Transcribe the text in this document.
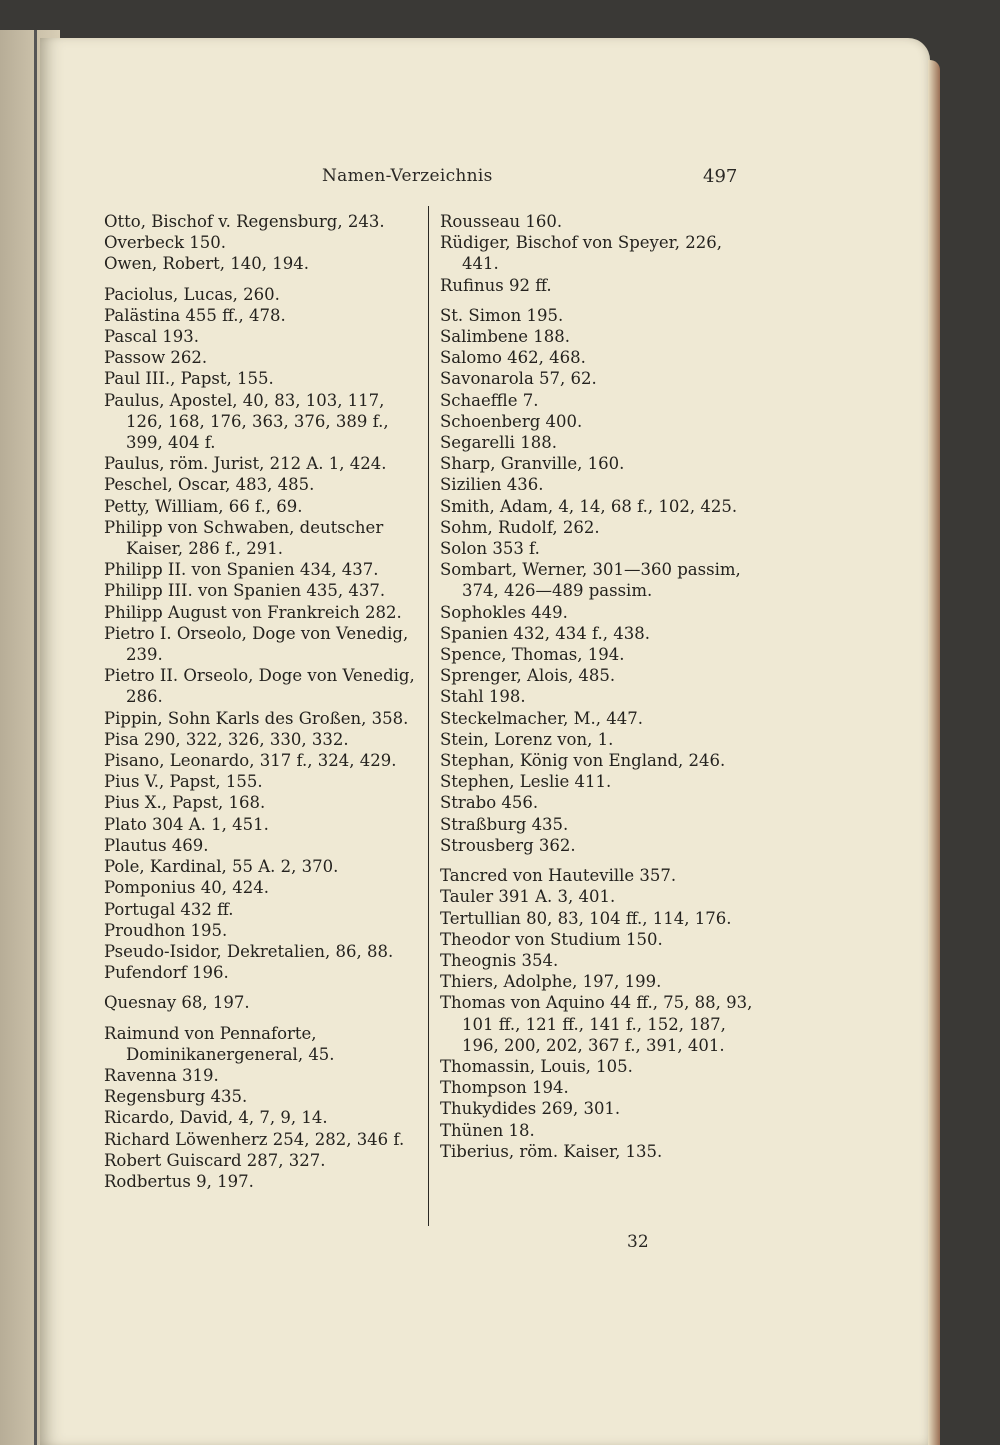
Namen-Verzeichnis	497
Otto, Bischof v. Regensburg, 243.
Overbeck 150.
Owen, Robert, 140, 194.
Paciolus, Lucas, 260.
Palästina 455 ff., 478.
Pascal 193.
Passow 262.
Paul III., Papst, 155.
Paulus, Apostel, 40, 83, 103, 117, 126, 168, 176, 363, 376, 389 f., 399, 404 f.
Paulus, röm. Jurist, 212 A. 1, 424.
Peschel, Oscar, 483, 485.
Petty, William, 66 f., 69.
Philipp von Schwaben, deutscher Kaiser, 286 f., 291.
Philipp II. von Spanien 434, 437.
Philipp III. von Spanien 435, 437.
Philipp August von Frankreich 282.
Pietro I. Orseolo, Doge von Venedig, 239.
Pietro II. Orseolo, Doge von Venedig, 286.
Pippin, Sohn Karls des Großen, 358.
Pisa 290, 322, 326, 330, 332.
Pisano, Leonardo, 317 f., 324, 429.
Pius V., Papst, 155.
Pius X., Papst, 168.
Plato 304 A. 1, 451.
Plautus 469.
Pole, Kardinal, 55 A. 2, 370.
Pomponius 40, 424.
Portugal 432 ff.
Proudhon 195.
Pseudo-Isidor, Dekretalien, 86, 88.
Pufendorf 196.
Quesnay 68, 197.
Raimund von Pennaforte, Dominikanergeneral, 45.
Ravenna 319.
Regensburg 435.
Ricardo, David, 4, 7, 9, 14.
Richard Löwenherz 254, 282, 346 f.
Robert Guiscard 287, 327.
Rodbertus 9, 197.
Rousseau 160.
Rüdiger, Bischof von Speyer, 226, 441.
Rufinus 92 ff.
St. Simon 195.
Salimbene 188.
Salomo 462, 468.
Savonarola 57, 62.
Schaeffle 7.
Schoenberg 400.
Segarelli 188.
Sharp, Granville, 160.
Sizilien 436.
Smith, Adam, 4, 14, 68 f., 102, 425.
Sohm, Rudolf, 262.
Solon 353 f.
Sombart, Werner, 301—360 passim, 374, 426—489 passim.
Sophokles 449.
Spanien 432, 434 f., 438.
Spence, Thomas, 194.
Sprenger, Alois, 485.
Stahl 198.
Steckelmacher, M., 447.
Stein, Lorenz von, 1.
Stephan, König von England, 246.
Stephen, Leslie 411.
Strabo 456.
Straßburg 435.
Strousberg 362.
Tancred von Hauteville 357.
Tauler 391 A. 3, 401.
Tertullian 80, 83, 104 ff., 114, 176.
Theodor von Studium 150.
Theognis 354.
Thiers, Adolphe, 197, 199.
Thomas von Aquino 44 ff., 75, 88, 93, 101 ff., 121 ff., 141 f., 152, 187, 196, 200, 202, 367 f., 391, 401.
Thomassin, Louis, 105.
Thompson 194.
Thukydides 269, 301.
Thünen 18.
Tiberius, röm. Kaiser, 135.
32
